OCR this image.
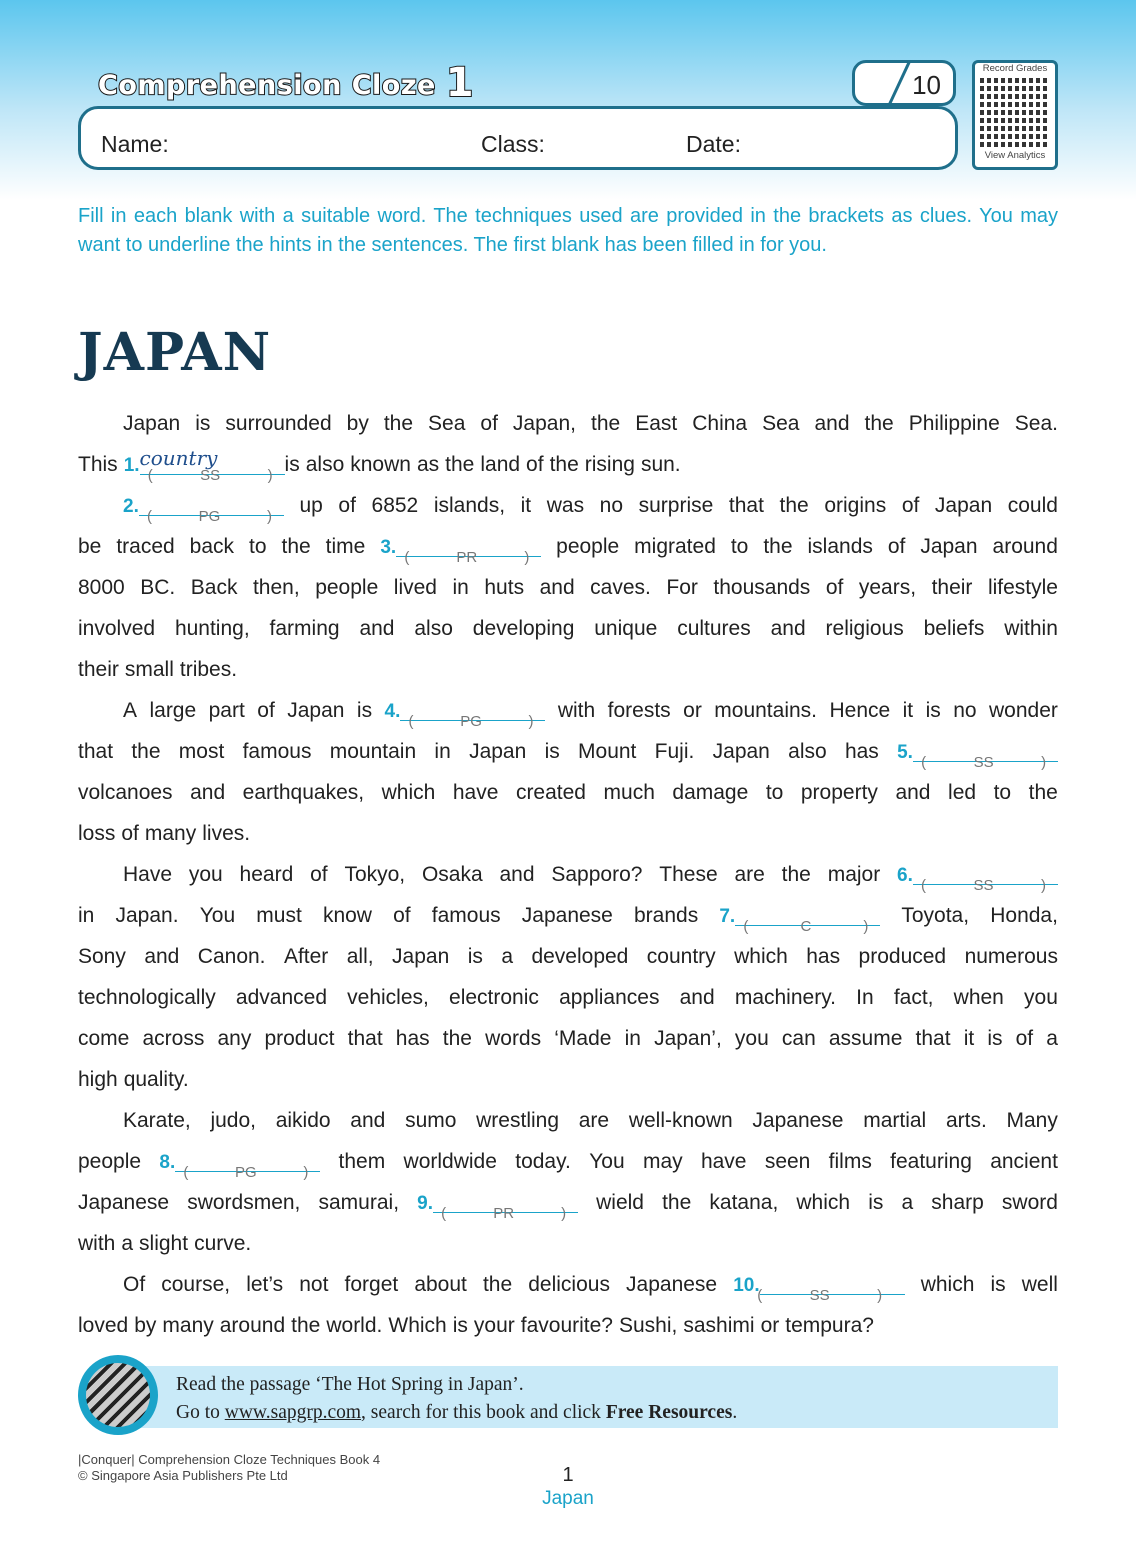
Comprehension Cloze 1	10
Name:	Class:	Date:
Record Grades
View Analytics
Fill in each blank with a suitable word. The techniques used are provided in the brackets as clues. You may want to underline the hints in the sentences. The first blank has been filled in for you.
JAPAN
Japan is surrounded by the Sea of Japan, the East China Sea and the Philippine Sea.
This 1. country
(	SS	) is also known as the land of the rising sun.
2. (	PG	) up of 6852 islands, it was no surprise that the origins of Japan could
be traced back to the time 3. (	PR	) people migrated to the islands of Japan around
8000 BC. Back then, people lived in huts and caves. For thousands of years, their lifestyle
involved hunting, farming and also developing unique cultures and religious beliefs within
their small tribes.
A large part of Japan is 4. (	PG	) with forests or mountains. Hence it is no wonder
that the most famous mountain in Japan is Mount Fuji. Japan also has 5. (	SS	)
volcanoes and earthquakes, which have created much damage to property and led to the
loss of many lives.
Have you heard of Tokyo, Osaka and Sapporo? These are the major 6. (	SS	)
in Japan. You must know of famous Japanese brands 7. (	C	) Toyota, Honda,
Sony and Canon. After all, Japan is a developed country which has produced numerous
technologically advanced vehicles, electronic appliances and machinery. In fact, when you
come across any product that has the words ‘Made in Japan’, you can assume that it is of a
high quality.
Karate, judo, aikido and sumo wrestling are well-known Japanese martial arts. Many
people 8. (	PG	) them worldwide today. You may have seen films featuring ancient
Japanese swordsmen, samurai, 9. (	PR	) wield the katana, which is a sharp sword
with a slight curve.
Of course, let’s not forget about the delicious Japanese 10.
(	SS	) which is well
loved by many around the world. Which is your favourite? Sushi, sashimi or tempura?
Read the passage ‘The Hot Spring in Japan’.
Go to www.sapgrp.com, search for this book and click Free Resources.
|Conquer| Comprehension Cloze Techniques Book 4
© Singapore Asia Publishers Pte Ltd	1
Japan
